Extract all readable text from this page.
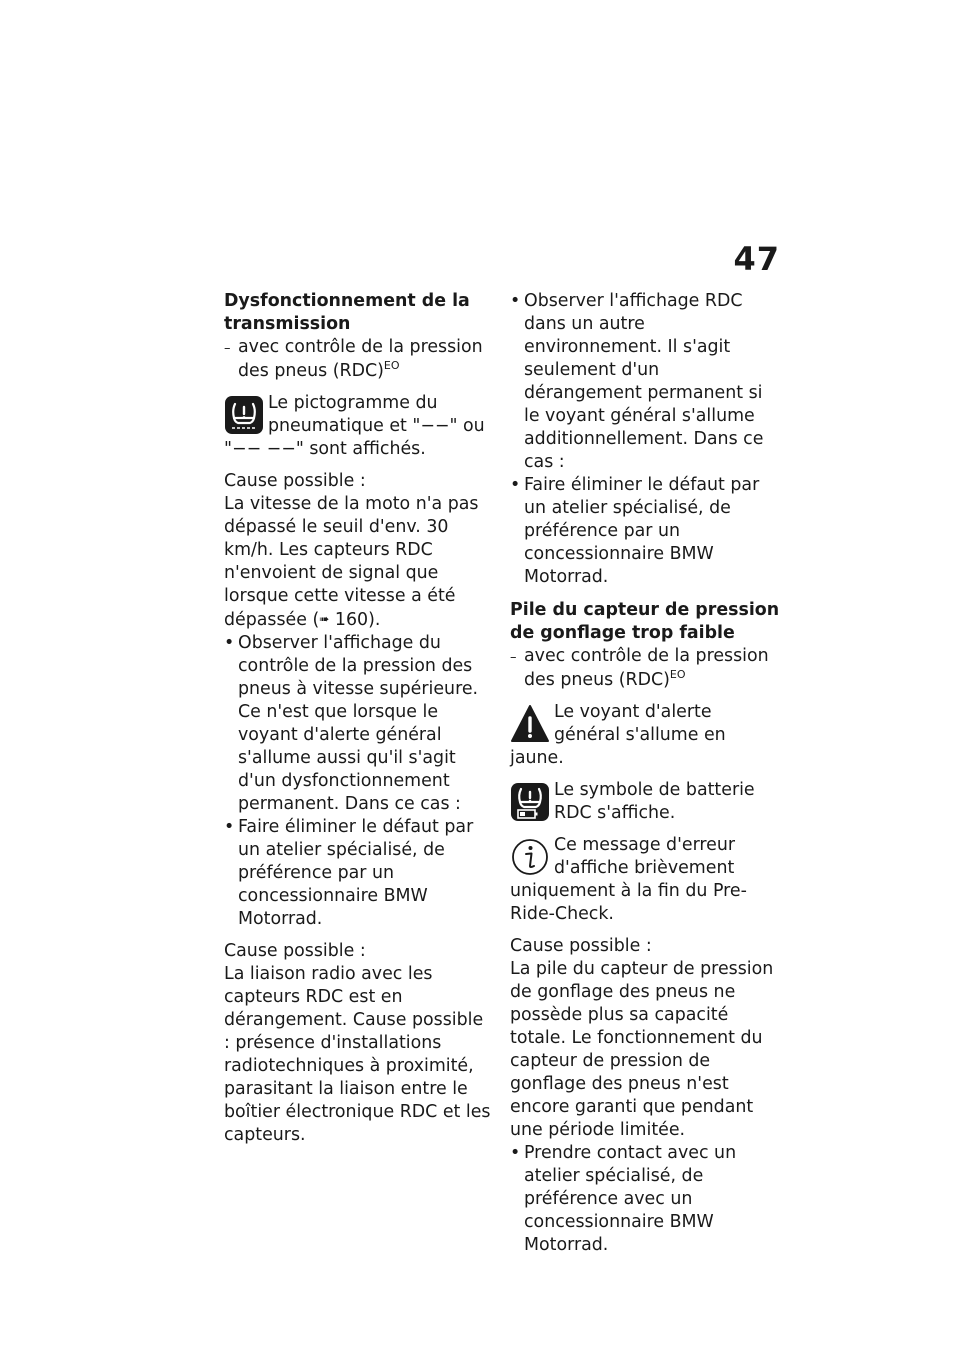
47

Dysfonctionnement de la transmission

– avec contrôle de la pression des pneus (RDC)$^{EO}$

Le pictogramme du pneumatique et "−−" ou "−− −−" sont affichés.

Cause possible :

La vitesse de la moto n'a pas dépassé le seuil d'env. 30 km/h. Les capteurs RDC n'envoient de signal que lorsque cette vitesse a été dépassée (➠ 160).

• Observer l'affichage du contrôle de la pression des pneus à vitesse supérieure. Ce n'est que lorsque le voyant d'alerte général s'allume aussi qu'il s'agit d'un dysfonctionnement permanent. Dans ce cas :

• Faire éliminer le défaut par un atelier spécialisé, de préférence par un concessionnaire BMW Motorrad.

Cause possible :

La liaison radio avec les capteurs RDC est en dérangement. Cause possible : présence d'installations radiotechniques à proximité, parasitant la liaison entre le boîtier électronique RDC et les capteurs.

• Observer l'affichage RDC dans un autre environnement. Il s'agit seulement d'un dérangement permanent si le voyant général s'allume additionnellement. Dans ce cas :

• Faire éliminer le défaut par un atelier spécialisé, de préférence par un concessionnaire BMW Motorrad.

Pile du capteur de pression de gonflage trop faible

– avec contrôle de la pression des pneus (RDC)$^{EO}$

Le voyant d'alerte général s'allume en jaune.

Le symbole de batterie RDC s'affiche.

Ce message d'erreur d'affiche brièvement uniquement à la fin du Pre-Ride-Check.

Cause possible :

La pile du capteur de pression de gonflage des pneus ne possède plus sa capacité totale. Le fonctionnement du capteur de pression de gonflage des pneus n'est encore garanti que pendant une période limitée.

• Prendre contact avec un atelier spécialisé, de préférence avec un concessionnaire BMW Motorrad.
